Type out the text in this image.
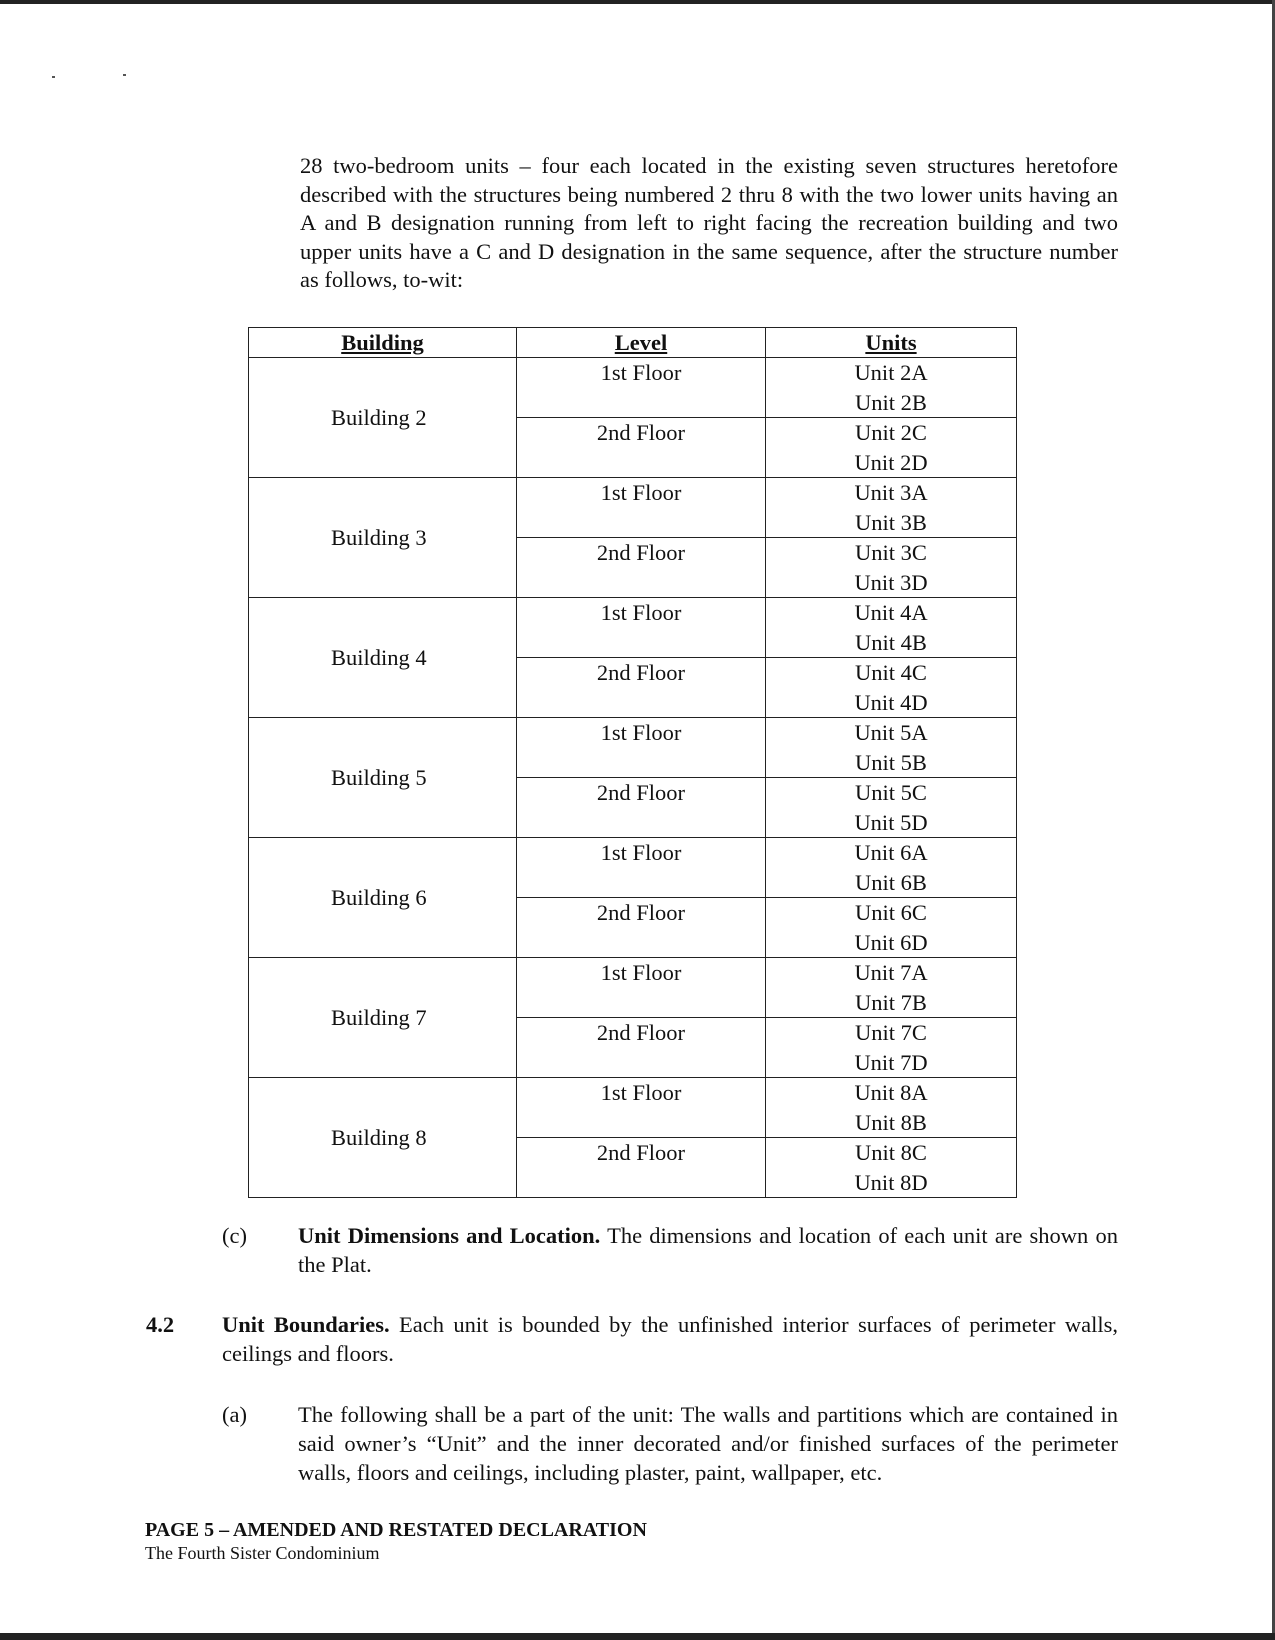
28 two-bedroom units – four each located in the existing seven structures heretofore described with the structures being numbered 2 thru 8 with the two lower units having an A and B designation running from left to right facing the recreation building and two upper units have a C and D designation in the same sequence, after the structure number as follows, to-wit:

Building	Level	Units
Building 2	1st Floor	Unit 2A
Unit 2B

	2nd Floor	Unit 2C
Unit 2D

Building 3	1st Floor	Unit 3A
Unit 3B

	2nd Floor	Unit 3C
Unit 3D

Building 4	1st Floor	Unit 4A
Unit 4B

	2nd Floor	Unit 4C
Unit 4D

Building 5	1st Floor	Unit 5A
Unit 5B

	2nd Floor	Unit 5C
Unit 5D

Building 6	1st Floor	Unit 6A
Unit 6B

	2nd Floor	Unit 6C
Unit 6D

Building 7	1st Floor	Unit 7A
Unit 7B

	2nd Floor	Unit 7C
Unit 7D

Building 8	1st Floor	Unit 8A
Unit 8B

	2nd Floor	Unit 8C
Unit 8D
(c) Unit Dimensions and Location. The dimensions and location of each unit are shown on the Plat.
4.2 Unit Boundaries. Each unit is bounded by the unfinished interior surfaces of perimeter walls, ceilings and floors.
(a) The following shall be a part of the unit: The walls and partitions which are contained in said owner’s “Unit” and the inner decorated and/or finished surfaces of the perimeter walls, floors and ceilings, including plaster, paint, wallpaper, etc.
PAGE 5 – AMENDED AND RESTATED DECLARATION
The Fourth Sister Condominium
